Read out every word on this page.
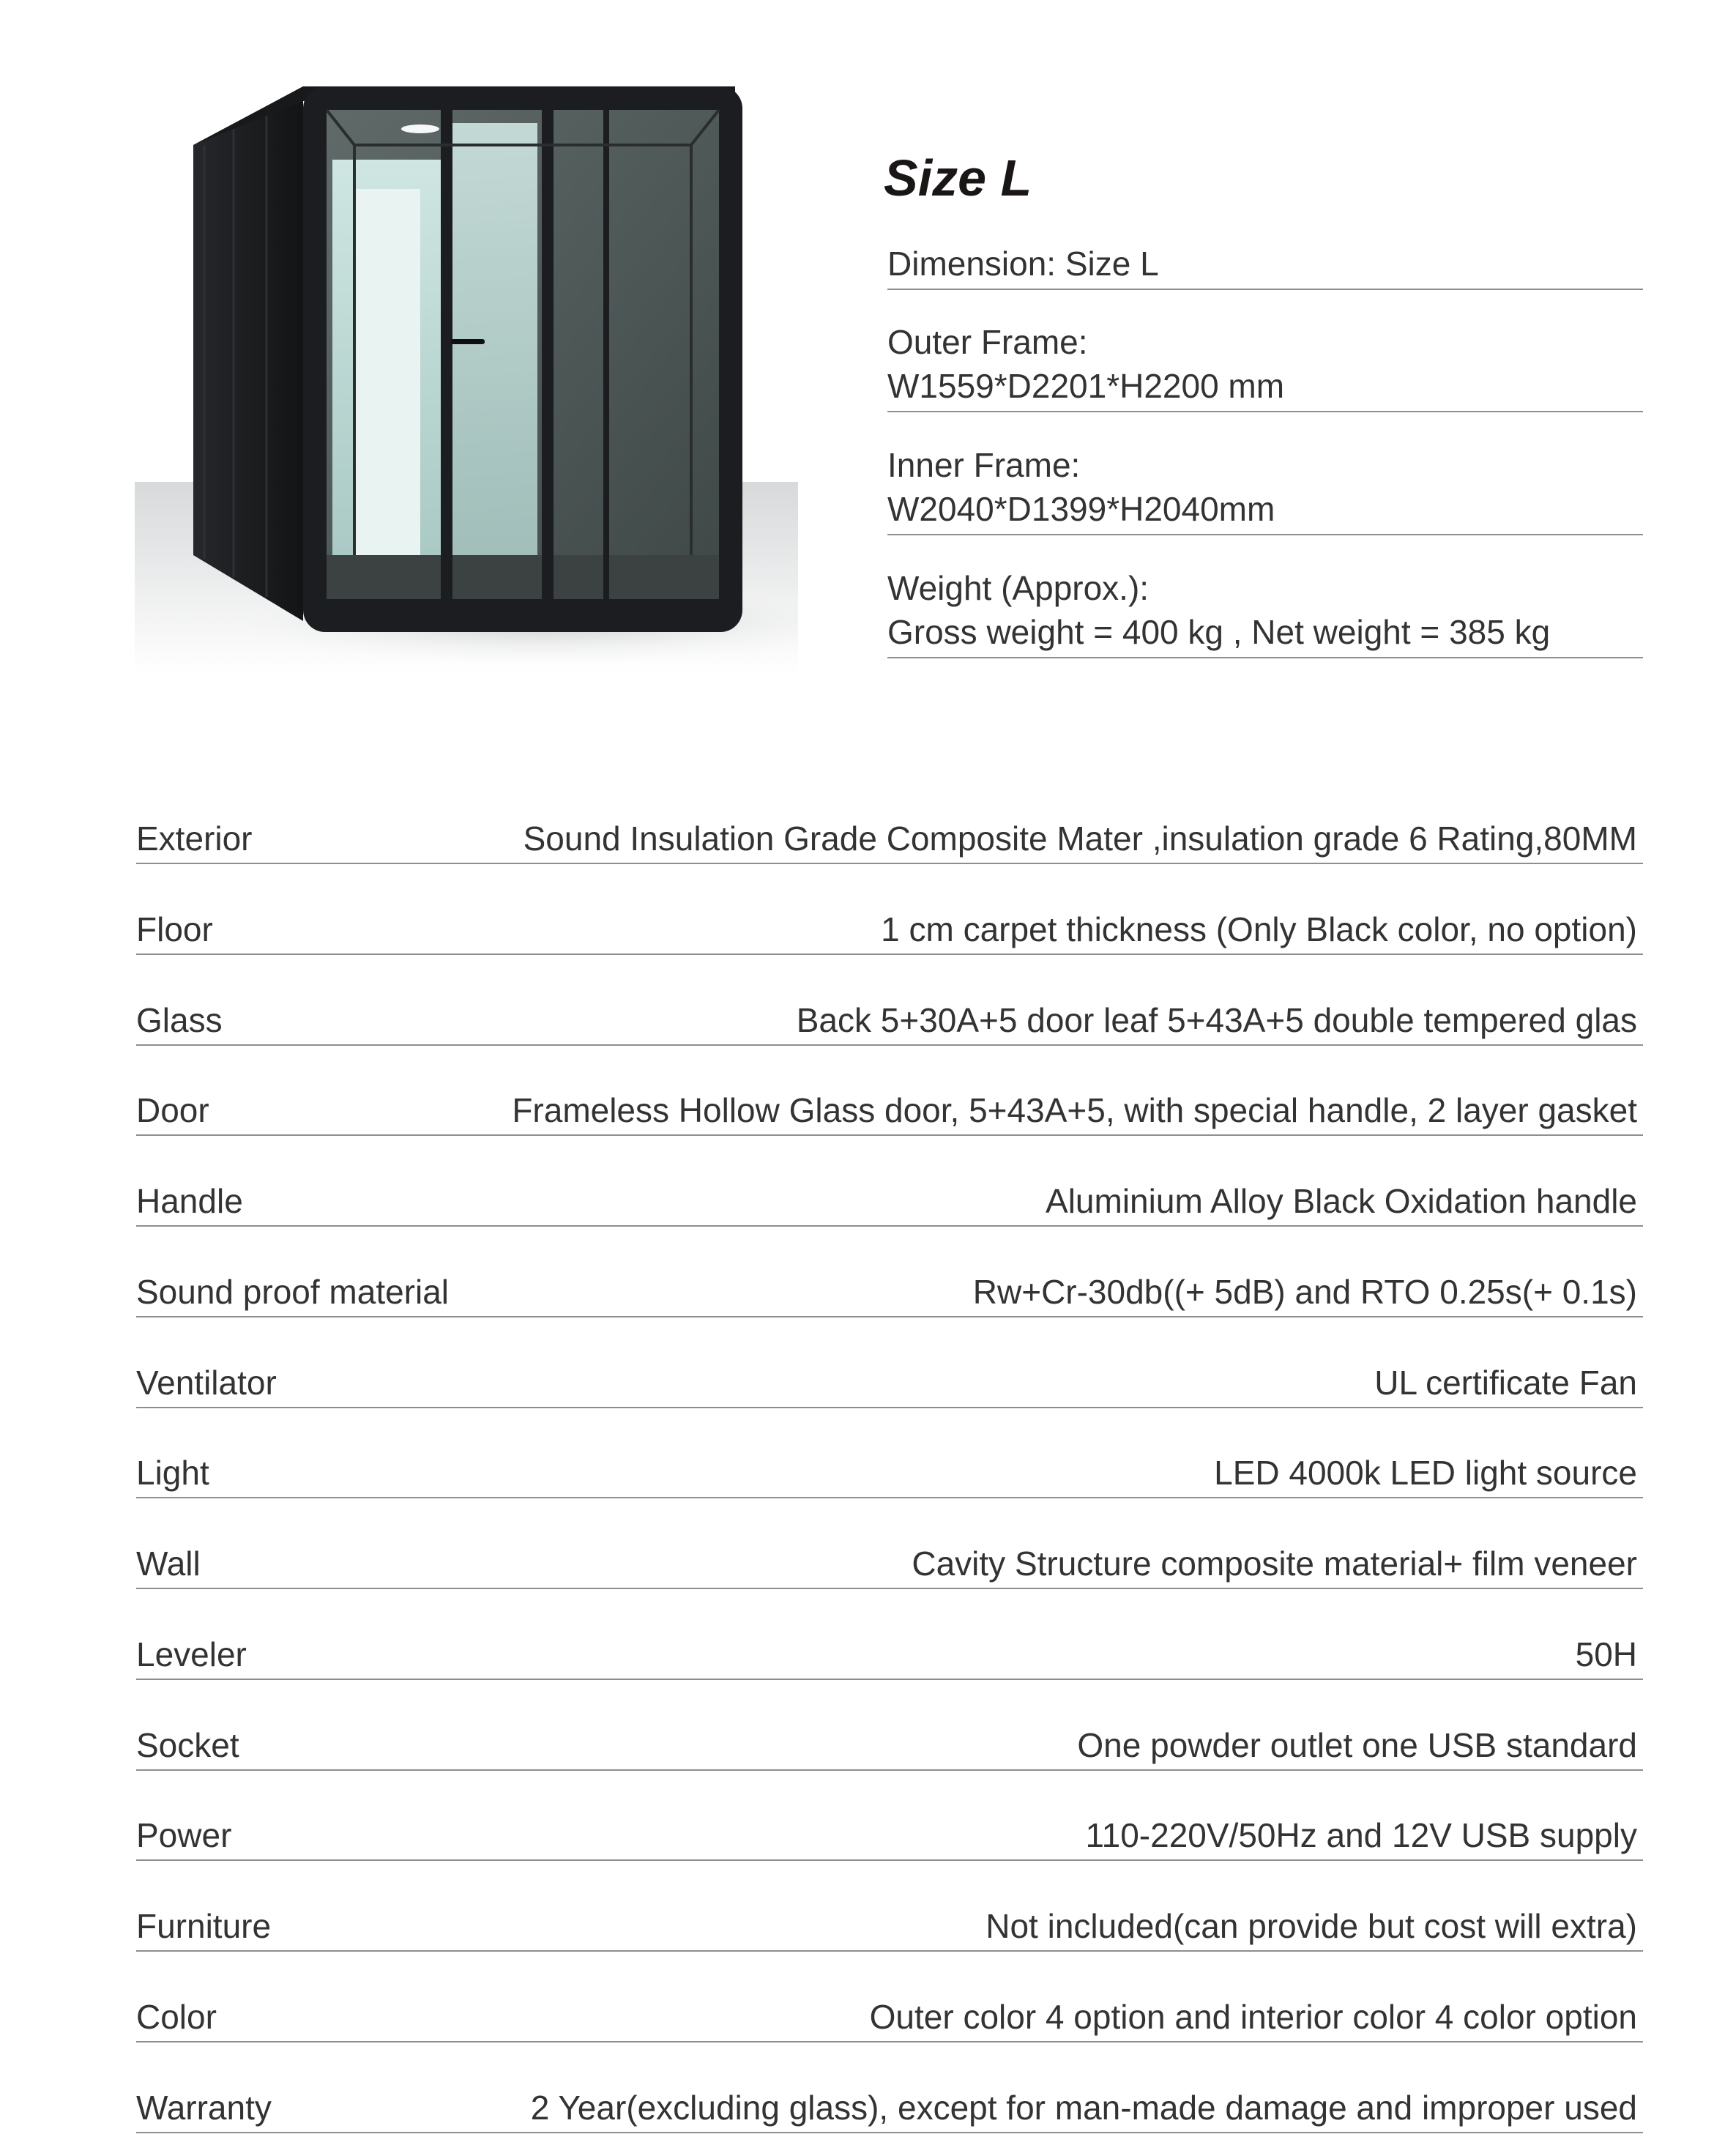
Size L
Dimension: Size L
Outer Frame:
W1559*D2201*H2200 mm
Inner Frame:
W2040*D1399*H2040mm
Weight (Approx.):
Gross weight = 400 kg , Net weight = 385 kg
Exterior	Sound Insulation Grade Composite Mater ,insulation grade 6 Rating,80MM
Floor	1 cm carpet thickness (Only Black color, no option)
Glass	Back 5+30A+5 door leaf 5+43A+5 double tempered glas
Door	Frameless Hollow Glass door, 5+43A+5, with special handle, 2 layer gasket
Handle	Aluminium Alloy Black Oxidation handle
Sound proof material	Rw+Cr-30db((+ 5dB) and RTO 0.25s(+ 0.1s)
Ventilator	UL certificate Fan
Light	LED 4000k LED light source
Wall	Cavity Structure composite material+ film veneer
Leveler	50H
Socket	One powder outlet one USB standard
Power	110-220V/50Hz and 12V USB supply
Furniture	Not included(can provide but cost will extra)
Color	Outer color 4 option and interior color 4 color option
Warranty	2 Year(excluding glass), except for man-made damage and improper used
